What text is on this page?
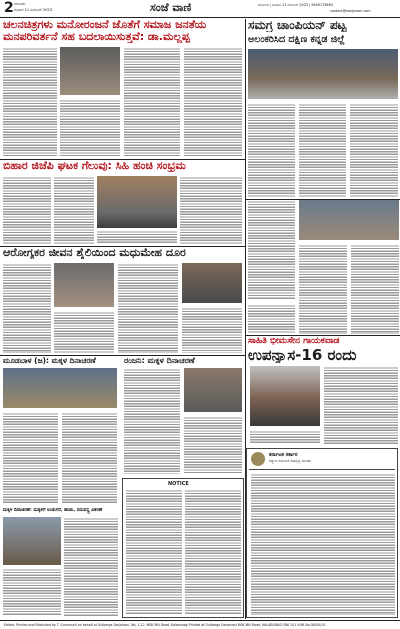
2 ಕಲಬುರಗಿ
ಶನಿವಾರ 11 ನವೆಂಬರ್ 2023	ಸಂಜೆ ವಾಣಿ	ಕಲಬುರಗಿ | ಶನಿವಾರ 11 ನವೆಂಬರ್ 2023 | 9449175863
contact@sanjevani.com
ಚಲನಚಿತ್ರಗಳು ಮನೋರಂಜನೆ ಜೊತೆಗೆ ಸಮಾಜ ಜನತೆಯ
ಮನಪರಿವರ್ತನೆ ಸಹ ಬದಲಾಯಿಸುತ್ತವೆ: ಡಾ.ಮಲ್ಲಪ್ಪ
ಸಮಗ್ರ ಚಾಂಪಿಯನ್ ಪಟ್ಟ
ಅಲಂಕರಿಸಿದ ದಕ್ಷಿಣ ಕನ್ನಡ ಜಿಲ್ಲೆ
ಬಿಹಾರ ಜಿಜೆಪಿ ಘಟಕ ಗೆಲುವು: ಸಿಹಿ ಹಂಚಿ ಸಂಭ್ರಮ
ಆರೋಗ್ಯಕರ ಜೀವನ ಶೈಲಿಯಿಂದ ಮಧುಮೇಹ ದೂರ
ಸಾಹಿತಿ ಭೀಮಸೇನ ಗಾಯಕವಾಡ
ಉಪನ್ಯಾಸ-16 ರಂದು
ರಂಜನಿ: ಮಕ್ಕಳ ದಿನಾಚರಣೆ
ಮೂಡಬಾಳ (ಜ): ಮಕ್ಕಳ ದಿನಾಚರಣೆ
NOTICE
ಕರ್ನಾಟಕ ಸರ್ಕಾರ
ಕಲ್ಯಾಣ ಕರ್ನಾಟಕ ಅಭಿವೃದ್ಧಿ ಮಂಡಳಿ
ಮಕ್ಕಳ ದಿನಾಚರಣೆ: ಮಕ್ಕಳಿಗೆ ಉಡುಗರೆ, ಹಾಡು, ಸಮವಸ್ತ್ರ ವಿತರಣೆ
Edited, Printed and Published by T. Gurumurti on behalf of Gulbarga Sanjevani, No. 1-12, MSK Mill Road, Kalaburagi Printed at Gulbarga Sanjevani MSK Mill Road, KALABURAGI RNI 101 0/98 No.GK/00/10
